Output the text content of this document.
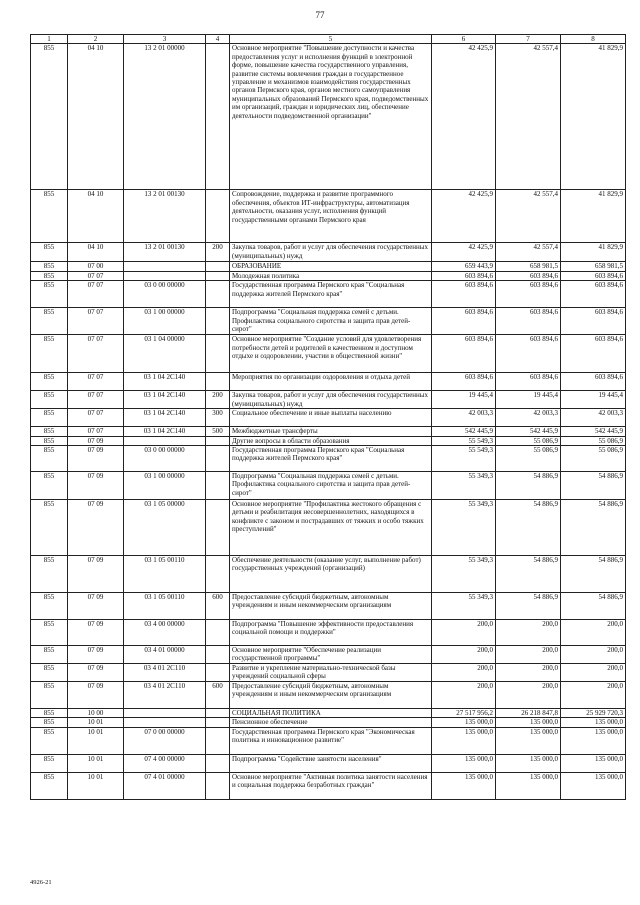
77
1	2	3	4	5	6	7	8
855	04 10	13 2 01 00000		Основное мероприятие "Повышение доступности и качества предоставления услуг и исполнения функций в электронной форме, повышение качества государственного управления, развитие системы вовлечения граждан в государственное управление и механизмов взаимодействия государственных органов Пермского края, органов местного самоуправления муниципальных образований Пермского края, подведомственных им организаций, граждан и юридических лиц, обеспечение деятельности подведомственной организации"	42 425,9	42 557,4	41 829,9
855	04 10	13 2 01 00130		Сопровождение, поддержка и развитие программного обеспечения, объектов ИТ-инфраструктуры, автоматизация деятельности, оказания услуг, исполнения функций государственными органами Пермского края	42 425,9	42 557,4	41 829,9
855	04 10	13 2 01 00130	200	Закупка товаров, работ и услуг для обеспечения государственных (муниципальных) нужд	42 425,9	42 557,4	41 829,9
855	07 00			ОБРАЗОВАНИЕ	659 443,9	658 981,5	658 981,5
855	07 07			Молодежная политика	603 894,6	603 894,6	603 894,6
855	07 07	03 0 00 00000		Государственная программа Пермского края "Социальная поддержка жителей Пермского края"	603 894,6	603 894,6	603 894,6
855	07 07	03 1 00 00000		Подпрограмма "Социальная поддержка семей с детьми. Профилактика социального сиротства и защита прав детей-сирот"	603 894,6	603 894,6	603 894,6
855	07 07	03 1 04 00000		Основное мероприятие "Создание условий для удовлетворения потребности детей и родителей в качественном и доступном отдыхе и оздоровлении, участии в общественной жизни"	603 894,6	603 894,6	603 894,6
855	07 07	03 1 04 2С140		Мероприятия по организации оздоровления и отдыха детей	603 894,6	603 894,6	603 894,6
855	07 07	03 1 04 2С140	200	Закупка товаров, работ и услуг для обеспечения государственных (муниципальных) нужд	19 445,4	19 445,4	19 445,4
855	07 07	03 1 04 2С140	300	Социальное обеспечение и иные выплаты населению	42 003,3	42 003,3	42 003,3
855	07 07	03 1 04 2С140	500	Межбюджетные трансферты	542 445,9	542 445,9	542 445,9
855	07 09			Другие вопросы в области образования	55 549,3	55 086,9	55 086,9
855	07 09	03 0 00 00000		Государственная программа Пермского края "Социальная поддержка жителей Пермского края"	55 549,3	55 086,9	55 086,9
855	07 09	03 1 00 00000		Подпрограмма "Социальная поддержка семей с детьми. Профилактика социального сиротства и защита прав детей-сирот"	55 349,3	54 886,9	54 886,9
855	07 09	03 1 05 00000		Основное мероприятие "Профилактика жестокого обращения с детьми и реабилитация несовершеннолетних, находящихся в конфликте с законом и пострадавших от тяжких и особо тяжких преступлений"	55 349,3	54 886,9	54 886,9
855	07 09	03 1 05 00110		Обеспечение деятельности (оказание услуг, выполнение работ) государственных учреждений (организаций)	55 349,3	54 886,9	54 886,9
855	07 09	03 1 05 00110	600	Предоставление субсидий бюджетным, автономным учреждениям и иным некоммерческим организациям	55 349,3	54 886,9	54 886,9
855	07 09	03 4 00 00000		Подпрограмма "Повышение эффективности предоставления социальной помощи и поддержки"	200,0	200,0	200,0
855	07 09	03 4 01 00000		Основное мероприятие "Обеспечение реализации государственной программы"	200,0	200,0	200,0
855	07 09	03 4 01 2С110		Развитие и укрепление материально-технической базы учреждений социальной сферы	200,0	200,0	200,0
855	07 09	03 4 01 2С110	600	Предоставление субсидий бюджетным, автономным учреждениям и иным некоммерческим организациям	200,0	200,0	200,0
855	10 00			СОЦИАЛЬНАЯ ПОЛИТИКА	27 517 956,2	26 218 847,8	25 929 720,3
855	10 01			Пенсионное обеспечение	135 000,0	135 000,0	135 000,0
855	10 01	07 0 00 00000		Государственная программа Пермского края "Экономическая политика и инновационное развитие"	135 000,0	135 000,0	135 000,0
855	10 01	07 4 00 00000		Подпрограмма "Содействие занятости населения"	135 000,0	135 000,0	135 000,0
855	10 01	07 4 01 00000		Основное мероприятие "Активная политика занятости населения и социальная поддержка безработных граждан"	135 000,0	135 000,0	135 000,0
4926-21
